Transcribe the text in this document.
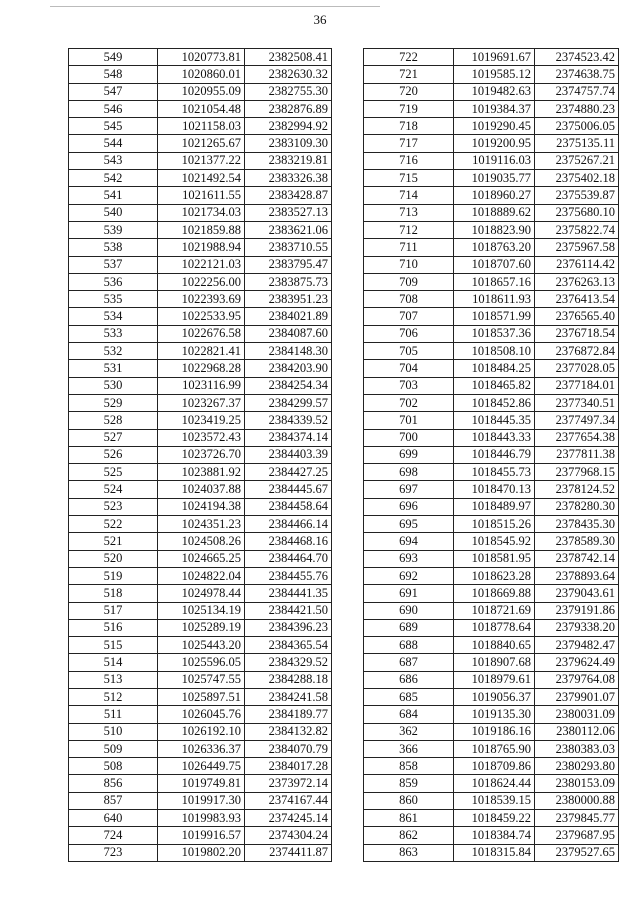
36
549	1020773.81	2382508.41
548	1020860.01	2382630.32
547	1020955.09	2382755.30
546	1021054.48	2382876.89
545	1021158.03	2382994.92
544	1021265.67	2383109.30
543	1021377.22	2383219.81
542	1021492.54	2383326.38
541	1021611.55	2383428.87
540	1021734.03	2383527.13
539	1021859.88	2383621.06
538	1021988.94	2383710.55
537	1022121.03	2383795.47
536	1022256.00	2383875.73
535	1022393.69	2383951.23
534	1022533.95	2384021.89
533	1022676.58	2384087.60
532	1022821.41	2384148.30
531	1022968.28	2384203.90
530	1023116.99	2384254.34
529	1023267.37	2384299.57
528	1023419.25	2384339.52
527	1023572.43	2384374.14
526	1023726.70	2384403.39
525	1023881.92	2384427.25
524	1024037.88	2384445.67
523	1024194.38	2384458.64
522	1024351.23	2384466.14
521	1024508.26	2384468.16
520	1024665.25	2384464.70
519	1024822.04	2384455.76
518	1024978.44	2384441.35
517	1025134.19	2384421.50
516	1025289.19	2384396.23
515	1025443.20	2384365.54
514	1025596.05	2384329.52
513	1025747.55	2384288.18
512	1025897.51	2384241.58
511	1026045.76	2384189.77
510	1026192.10	2384132.82
509	1026336.37	2384070.79
508	1026449.75	2384017.28
856	1019749.81	2373972.14
857	1019917.30	2374167.44
640	1019983.93	2374245.14
724	1019916.57	2374304.24
723	1019802.20	2374411.87
722	1019691.67	2374523.42
721	1019585.12	2374638.75
720	1019482.63	2374757.74
719	1019384.37	2374880.23
718	1019290.45	2375006.05
717	1019200.95	2375135.11
716	1019116.03	2375267.21
715	1019035.77	2375402.18
714	1018960.27	2375539.87
713	1018889.62	2375680.10
712	1018823.90	2375822.74
711	1018763.20	2375967.58
710	1018707.60	2376114.42
709	1018657.16	2376263.13
708	1018611.93	2376413.54
707	1018571.99	2376565.40
706	1018537.36	2376718.54
705	1018508.10	2376872.84
704	1018484.25	2377028.05
703	1018465.82	2377184.01
702	1018452.86	2377340.51
701	1018445.35	2377497.34
700	1018443.33	2377654.38
699	1018446.79	2377811.38
698	1018455.73	2377968.15
697	1018470.13	2378124.52
696	1018489.97	2378280.30
695	1018515.26	2378435.30
694	1018545.92	2378589.30
693	1018581.95	2378742.14
692	1018623.28	2378893.64
691	1018669.88	2379043.61
690	1018721.69	2379191.86
689	1018778.64	2379338.20
688	1018840.65	2379482.47
687	1018907.68	2379624.49
686	1018979.61	2379764.08
685	1019056.37	2379901.07
684	1019135.30	2380031.09
362	1019186.16	2380112.06
366	1018765.90	2380383.03
858	1018709.86	2380293.80
859	1018624.44	2380153.09
860	1018539.15	2380000.88
861	1018459.22	2379845.77
862	1018384.74	2379687.95
863	1018315.84	2379527.65
